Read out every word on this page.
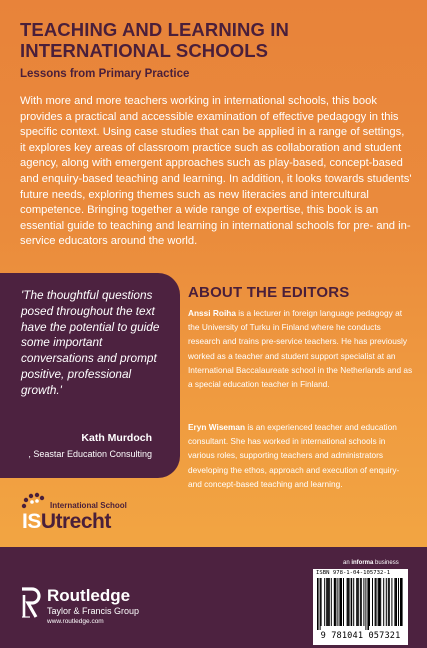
TEACHING AND LEARNING IN INTERNATIONAL SCHOOLS
Lessons from Primary Practice
With more and more teachers working in international schools, this book provides a practical and accessible examination of effective pedagogy in this specific context. Using case studies that can be applied in a range of settings, it explores key areas of classroom practice such as collaboration and student agency, along with emergent approaches such as play-based, concept-based and enquiry-based teaching and learning. In addition, it looks towards students' future needs, exploring themes such as new literacies and intercultural competence. Bringing together a wide range of expertise, this book is an essential guide to teaching and learning in international schools for pre- and in-service educators around the world.
'The thoughtful questions posed throughout the text have the potential to guide some important conversations and prompt positive, professional growth.'
Kath Murdoch
, Seastar Education Consulting
ABOUT THE EDITORS
Anssi Roiha is a lecturer in foreign language pedagogy at the University of Turku in Finland where he conducts research and trains pre-service teachers. He has previously worked as a teacher and student support specialist at an International Baccalaureate school in the Netherlands and as a special education teacher in Finland.
Eryn Wiseman is an experienced teacher and education consultant. She has worked in international schools in various roles, supporting teachers and administrators developing the ethos, approach and execution of enquiry- and concept-based teaching and learning.
International School
ISUtrecht
Routledge
Taylor & Francis Group
www.routledge.com
an informa business
ISBN 978-1-04-105732-1
9 781041 057321
